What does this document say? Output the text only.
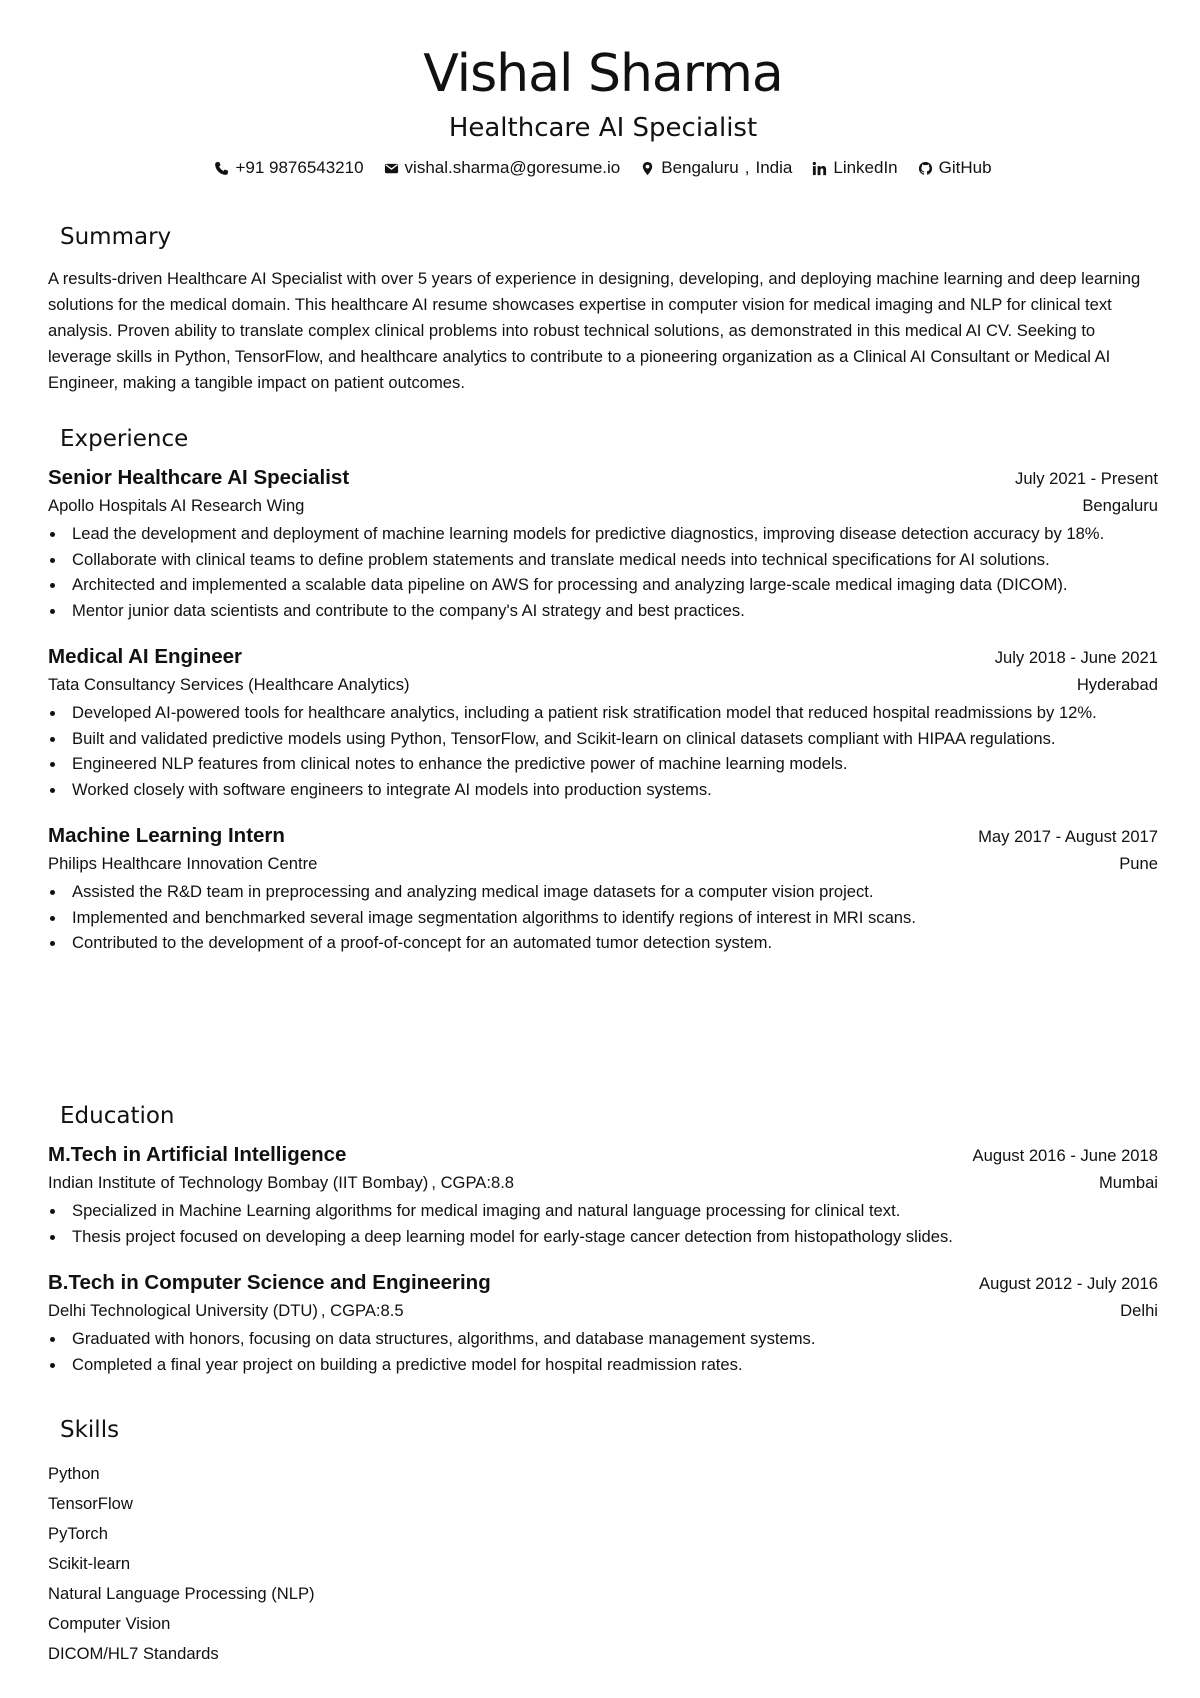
Vishal Sharma
Healthcare AI Specialist
+91 9876543210 vishal.sharma@goresume.io Bengaluru , India LinkedIn GitHub
Summary
A results-driven Healthcare AI Specialist with over 5 years of experience in designing, developing, and deploying machine learning and deep learning solutions for the medical domain. This healthcare AI resume showcases expertise in computer vision for medical imaging and NLP for clinical text analysis. Proven ability to translate complex clinical problems into robust technical solutions, as demonstrated in this medical AI CV. Seeking to leverage skills in Python, TensorFlow, and healthcare analytics to contribute to a pioneering organization as a Clinical AI Consultant or Medical AI Engineer, making a tangible impact on patient outcomes.
Experience
Senior Healthcare AI Specialist	July 2021 - Present
Apollo Hospitals AI Research Wing	Bengaluru
Lead the development and deployment of machine learning models for predictive diagnostics, improving disease detection accuracy by 18%.
Collaborate with clinical teams to define problem statements and translate medical needs into technical specifications for AI solutions.
Architected and implemented a scalable data pipeline on AWS for processing and analyzing large-scale medical imaging data (DICOM).
Mentor junior data scientists and contribute to the company's AI strategy and best practices.
Medical AI Engineer	July 2018 - June 2021
Tata Consultancy Services (Healthcare Analytics)	Hyderabad
Developed AI-powered tools for healthcare analytics, including a patient risk stratification model that reduced hospital readmissions by 12%.
Built and validated predictive models using Python, TensorFlow, and Scikit-learn on clinical datasets compliant with HIPAA regulations.
Engineered NLP features from clinical notes to enhance the predictive power of machine learning models.
Worked closely with software engineers to integrate AI models into production systems.
Machine Learning Intern	May 2017 - August 2017
Philips Healthcare Innovation Centre	Pune
Assisted the R&D team in preprocessing and analyzing medical image datasets for a computer vision project.
Implemented and benchmarked several image segmentation algorithms to identify regions of interest in MRI scans.
Contributed to the development of a proof-of-concept for an automated tumor detection system.
Education
M.Tech in Artificial Intelligence	August 2016 - June 2018
Indian Institute of Technology Bombay (IIT Bombay) , CGPA:8.8	Mumbai
Specialized in Machine Learning algorithms for medical imaging and natural language processing for clinical text.
Thesis project focused on developing a deep learning model for early-stage cancer detection from histopathology slides.
B.Tech in Computer Science and Engineering	August 2012 - July 2016
Delhi Technological University (DTU) , CGPA:8.5	Delhi
Graduated with honors, focusing on data structures, algorithms, and database management systems.
Completed a final year project on building a predictive model for hospital readmission rates.
Skills
Python
TensorFlow
PyTorch
Scikit-learn
Natural Language Processing (NLP)
Computer Vision
DICOM/HL7 Standards
